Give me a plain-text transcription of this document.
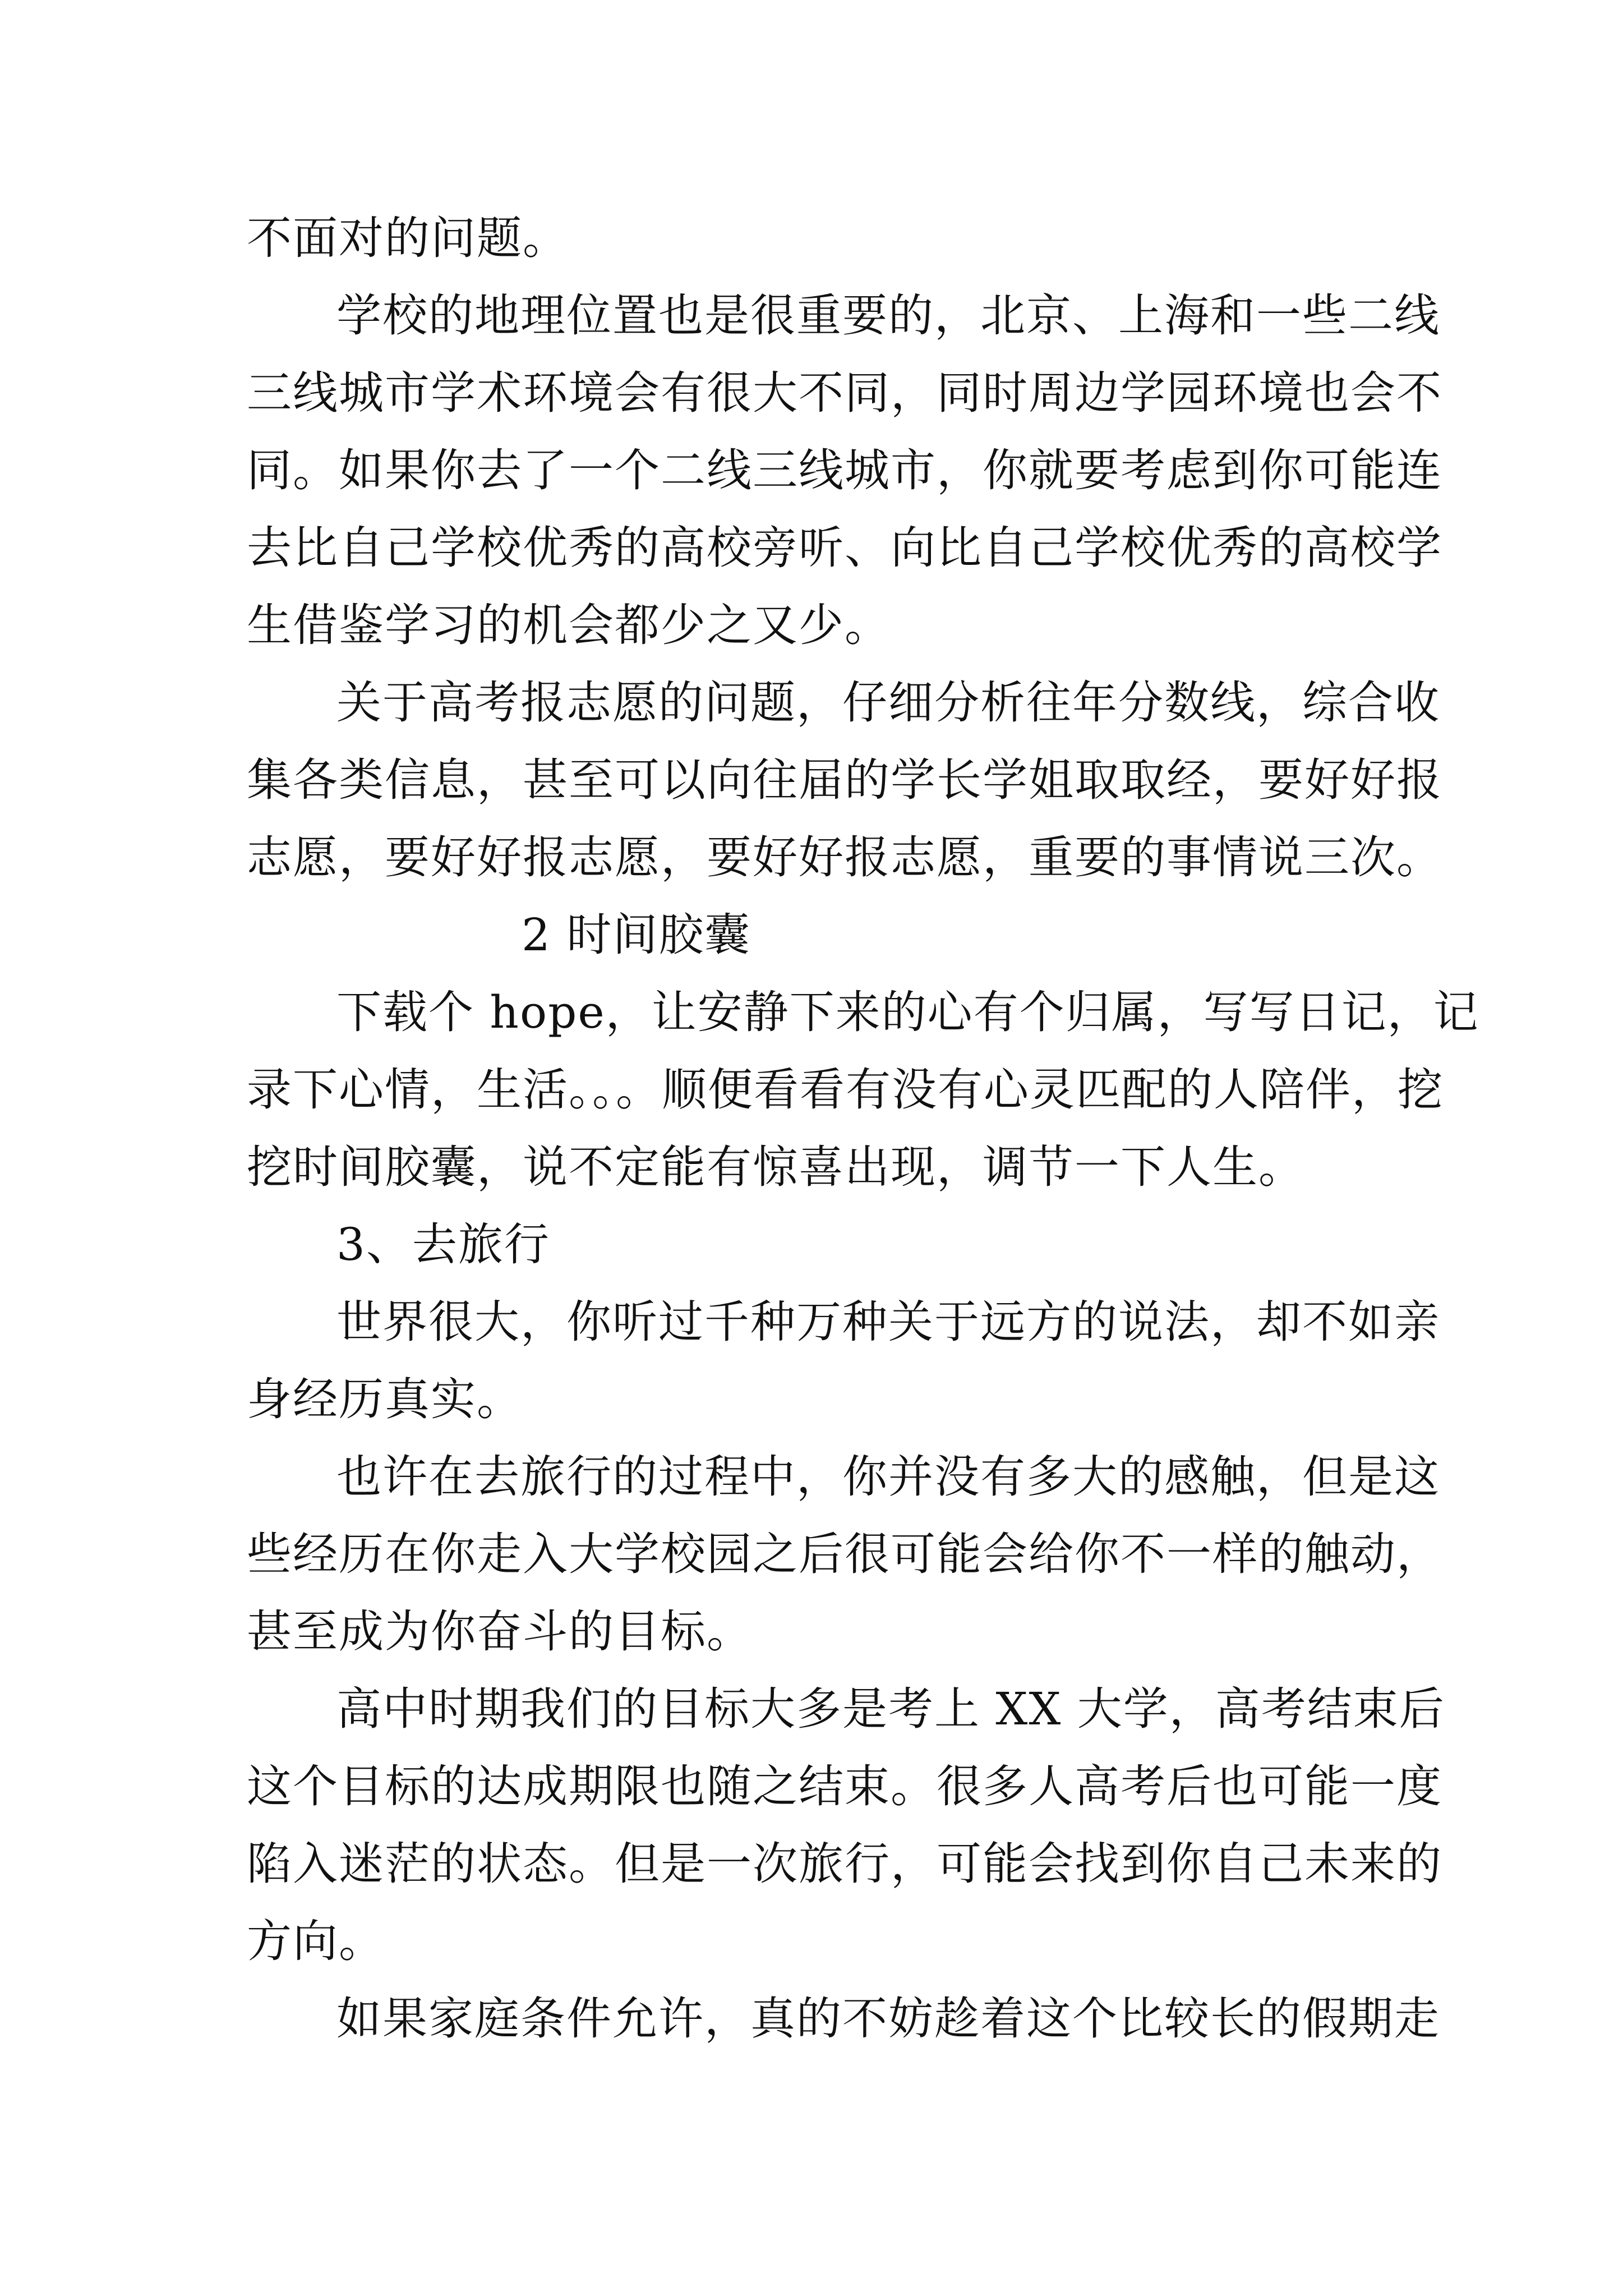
不面对的问题。
学校的地理位置也是很重要的，北京、上海和一些二线
三线城市学术环境会有很大不同，同时周边学园环境也会不
同。如果你去了一个二线三线城市，你就要考虑到你可能连
去比自己学校优秀的高校旁听、向比自己学校优秀的高校学
生借鉴学习的机会都少之又少。
关于高考报志愿的问题，仔细分析往年分数线，综合收
集各类信息，甚至可以向往届的学长学姐取取经，要好好报
志愿，要好好报志愿，要好好报志愿，重要的事情说三次。
2 时间胶囊
下载个 hope，让安静下来的心有个归属，写写日记，记
录下心情，生活。。。顺便看看有没有心灵匹配的人陪伴，挖
挖时间胶囊，说不定能有惊喜出现，调节一下人生。
3、去旅行
世界很大，你听过千种万种关于远方的说法，却不如亲
身经历真实。
也许在去旅行的过程中，你并没有多大的感触，但是这
些经历在你走入大学校园之后很可能会给你不一样的触动，
甚至成为你奋斗的目标。
高中时期我们的目标大多是考上 XX 大学，高考结束后
这个目标的达成期限也随之结束。很多人高考后也可能一度
陷入迷茫的状态。但是一次旅行，可能会找到你自己未来的
方向。
如果家庭条件允许，真的不妨趁着这个比较长的假期走
